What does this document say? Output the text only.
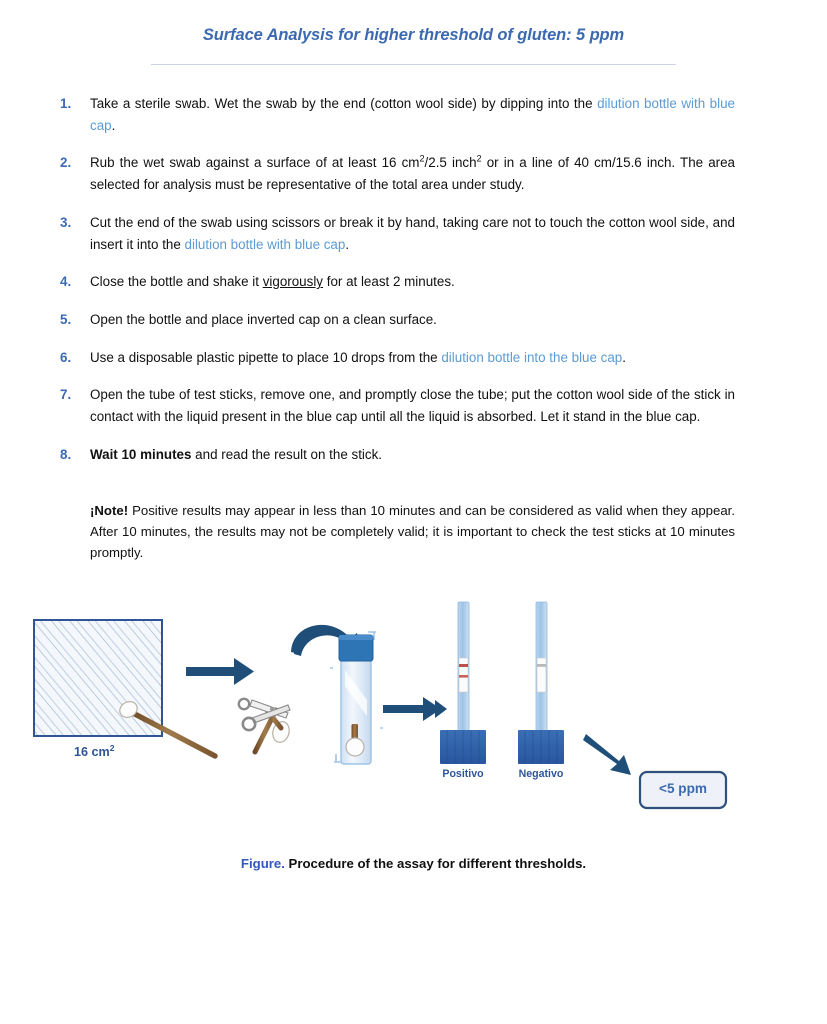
Surface Analysis for higher threshold of gluten: 5 ppm
1.	Take a sterile swab. Wet the swab by the end (cotton wool side) by dipping into the dilution bottle with blue cap.
2.	Rub the wet swab against a surface of at least 16 $cm^2/2.5$ inch$^2$ or in a line of 40 cm/15.6 inch. The area selected for analysis must be representative of the total area under study.
3.	Cut the end of the swab using scissors or break it by hand, taking care not to touch the cotton wool side, and insert it into the dilution bottle with blue cap.
4.	Close the bottle and shake it vigorously for at least 2 minutes.
5.	Open the bottle and place inverted cap on a clean surface.
6.	Use a disposable plastic pipette to place 10 drops from the dilution bottle into the blue cap.
7.	Open the tube of test sticks, remove one, and promptly close the tube; put the cotton wool side of the stick in contact with the liquid present in the blue cap until all the liquid is absorbed. Let it stand in the blue cap.
8.	Wait 10 minutes and read the result on the stick.
¡Note! Positive results may appear in less than 10 minutes and can be considered as valid when they appear. After 10 minutes, the results may not be completely valid; it is important to check the test sticks at 10 minutes promptly.
16 $cm^2$
Positivo	Negativo
<5 ppm
Figure. Procedure of the assay for different thresholds.
